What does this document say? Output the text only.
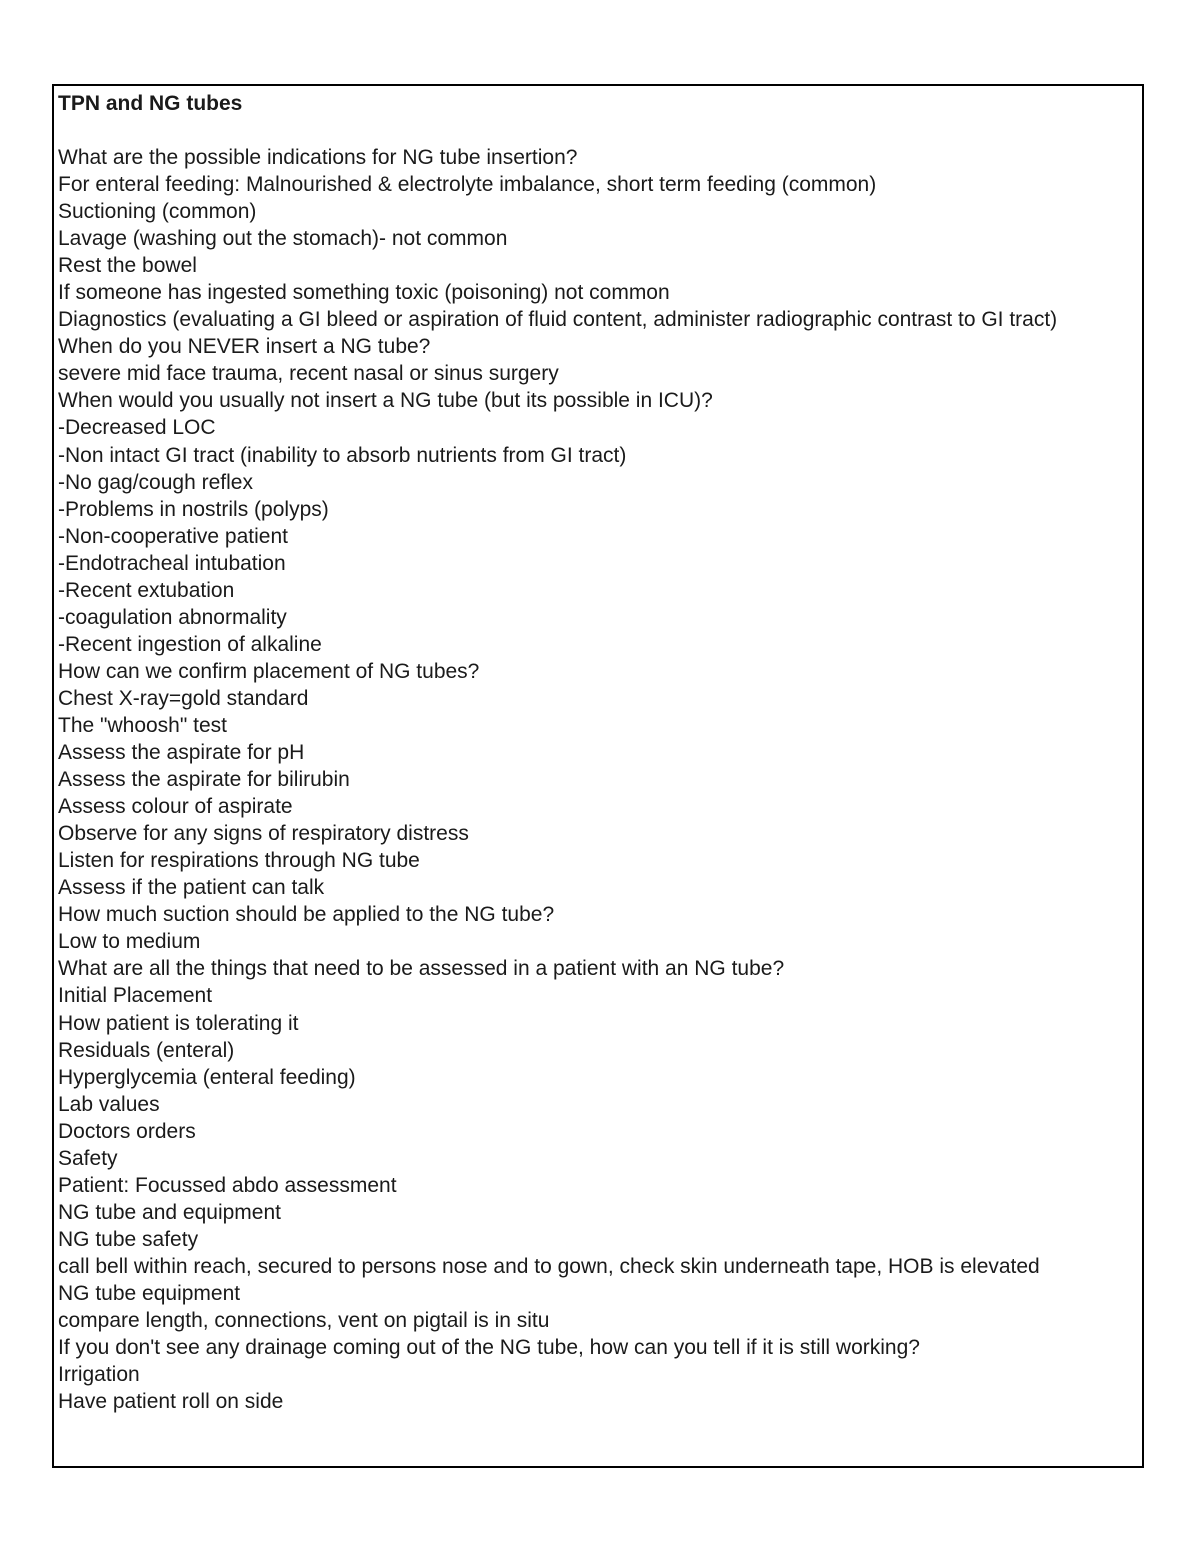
TPN and NG tubes
What are the possible indications for NG tube insertion?
For enteral feeding: Malnourished & electrolyte imbalance, short term feeding (common)
Suctioning (common)
Lavage (washing out the stomach)- not common
Rest the bowel
If someone has ingested something toxic (poisoning) not common
Diagnostics (evaluating a GI bleed or aspiration of fluid content, administer radiographic contrast to GI tract)
When do you NEVER insert a NG tube?
severe mid face trauma, recent nasal or sinus surgery
When would you usually not insert a NG tube (but its possible in ICU)?
-Decreased LOC
-Non intact GI tract (inability to absorb nutrients from GI tract)
-No gag/cough reflex
-Problems in nostrils (polyps)
-Non-cooperative patient
-Endotracheal intubation
-Recent extubation
-coagulation abnormality
-Recent ingestion of alkaline
How can we confirm placement of NG tubes?
Chest X-ray=gold standard
The "whoosh" test
Assess the aspirate for pH
Assess the aspirate for bilirubin
Assess colour of aspirate
Observe for any signs of respiratory distress
Listen for respirations through NG tube
Assess if the patient can talk
How much suction should be applied to the NG tube?
Low to medium
What are all the things that need to be assessed in a patient with an NG tube?
Initial Placement
How patient is tolerating it
Residuals (enteral)
Hyperglycemia (enteral feeding)
Lab values
Doctors orders
Safety
Patient: Focussed abdo assessment
NG tube and equipment
NG tube safety
call bell within reach, secured to persons nose and to gown, check skin underneath tape, HOB is elevated
NG tube equipment
compare length, connections, vent on pigtail is in situ
If you don't see any drainage coming out of the NG tube, how can you tell if it is still working?
Irrigation
Have patient roll on side
